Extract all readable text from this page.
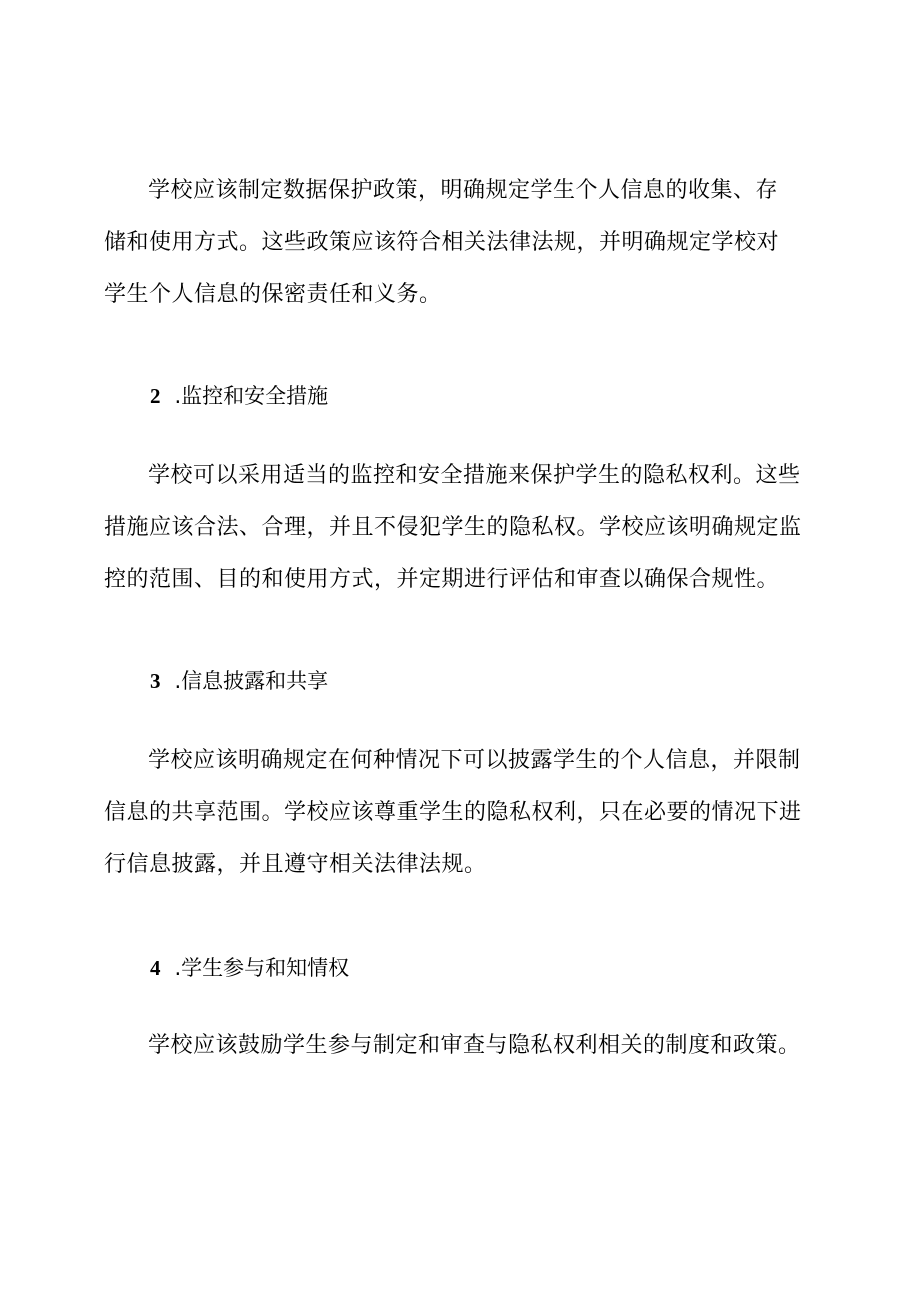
学校应该制定数据保护政策，明确规定学生个人信息的收集、存
储和使用方式。这些政策应该符合相关法律法规，并明确规定学校对
学生个人信息的保密责任和义务。

2 .监控和安全措施

学校可以采用适当的监控和安全措施来保护学生的隐私权利。这些
措施应该合法、合理，并且不侵犯学生的隐私权。学校应该明确规定监
控的范围、目的和使用方式，并定期进行评估和审查以确保合规性。

3 .信息披露和共享

学校应该明确规定在何种情况下可以披露学生的个人信息，并限制
信息的共享范围。学校应该尊重学生的隐私权利，只在必要的情况下进
行信息披露，并且遵守相关法律法规。

4 .学生参与和知情权

学校应该鼓励学生参与制定和审查与隐私权利相关的制度和政策。
